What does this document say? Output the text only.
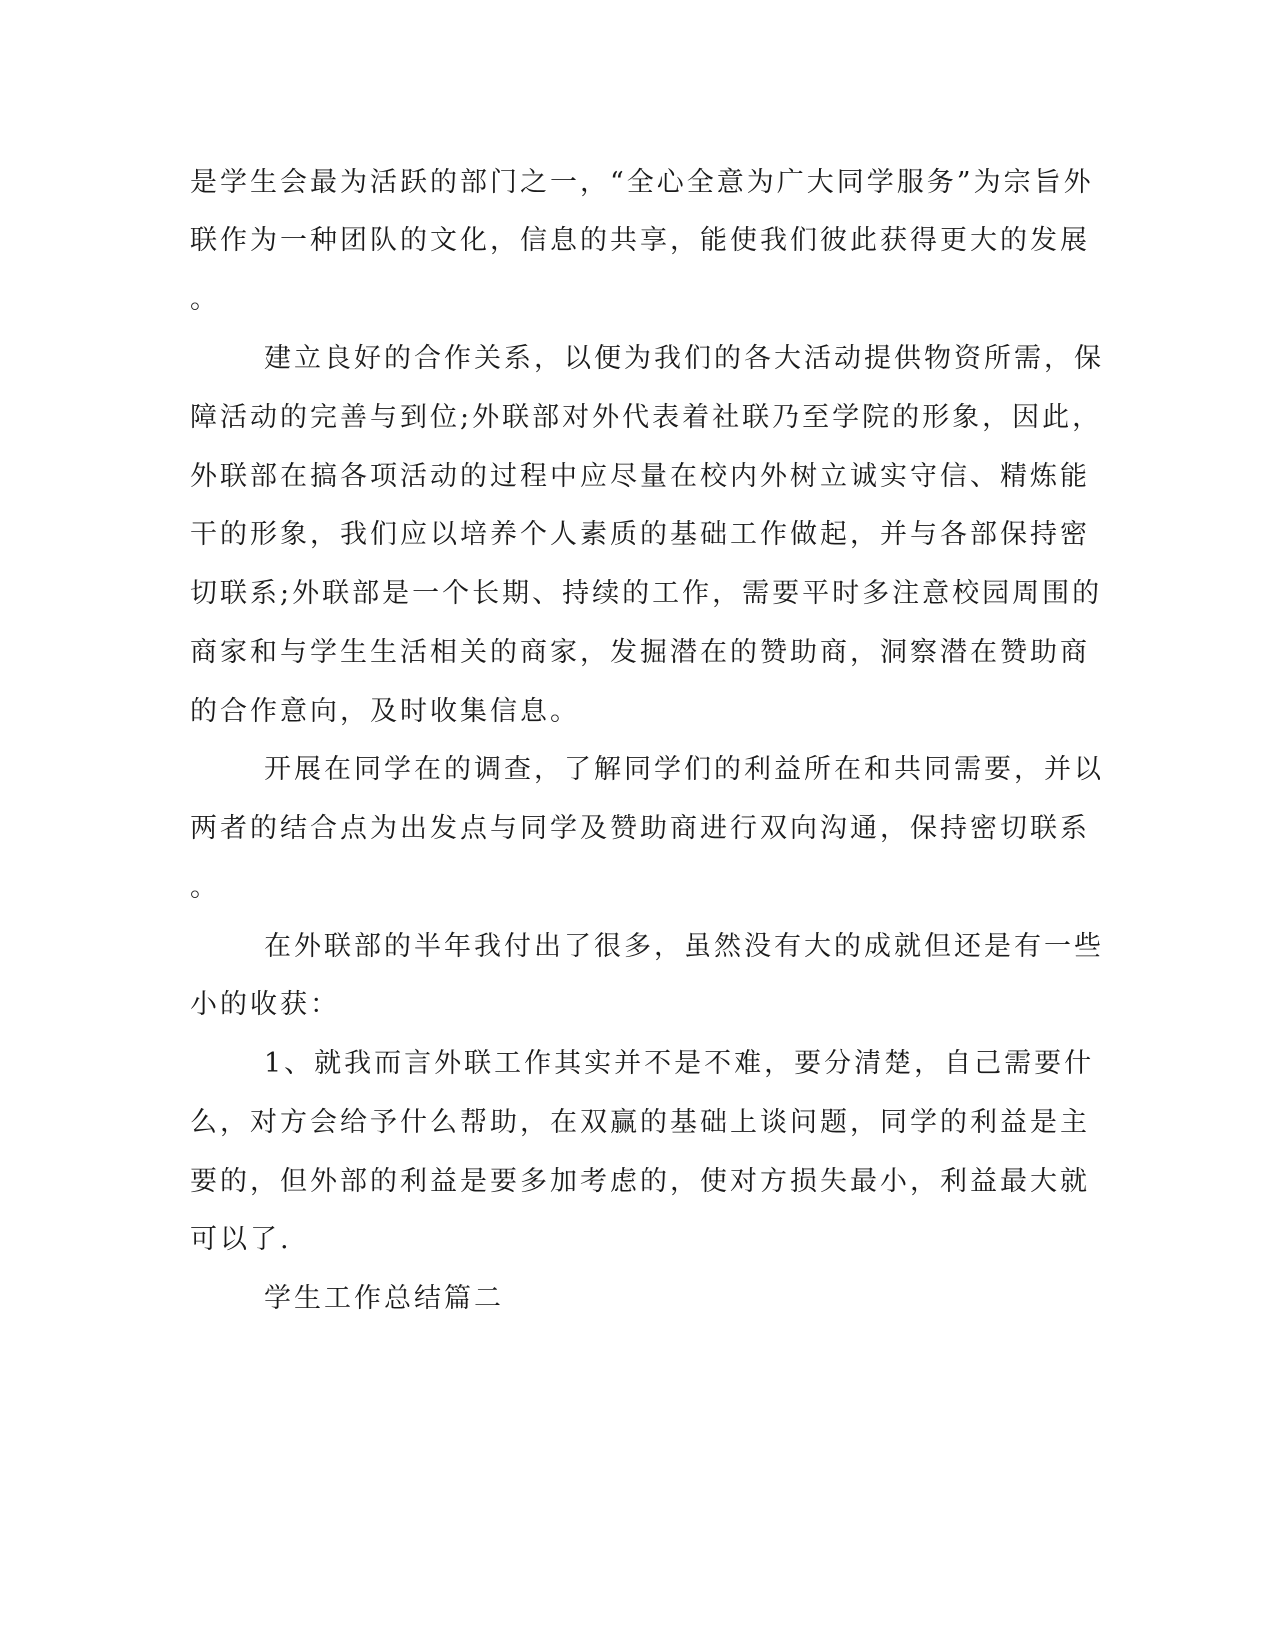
是学生会最为活跃的部门之一，“全心全意为广大同学服务”为宗旨外
联作为一种团队的文化，信息的共享，能使我们彼此获得更大的发展
。
建立良好的合作关系，以便为我们的各大活动提供物资所需，保
障活动的完善与到位;外联部对外代表着社联乃至学院的形象，因此，
外联部在搞各项活动的过程中应尽量在校内外树立诚实守信、精炼能
干的形象，我们应以培养个人素质的基础工作做起，并与各部保持密
切联系;外联部是一个长期、持续的工作，需要平时多注意校园周围的
商家和与学生生活相关的商家，发掘潜在的赞助商，洞察潜在赞助商
的合作意向，及时收集信息。
开展在同学在的调查，了解同学们的利益所在和共同需要，并以
两者的结合点为出发点与同学及赞助商进行双向沟通，保持密切联系
。
在外联部的半年我付出了很多，虽然没有大的成就但还是有一些
小的收获：
1、就我而言外联工作其实并不是不难，要分清楚，自己需要什
么，对方会给予什么帮助，在双赢的基础上谈问题，同学的利益是主
要的，但外部的利益是要多加考虑的，使对方损失最小，利益最大就
可以了.
学生工作总结篇二
